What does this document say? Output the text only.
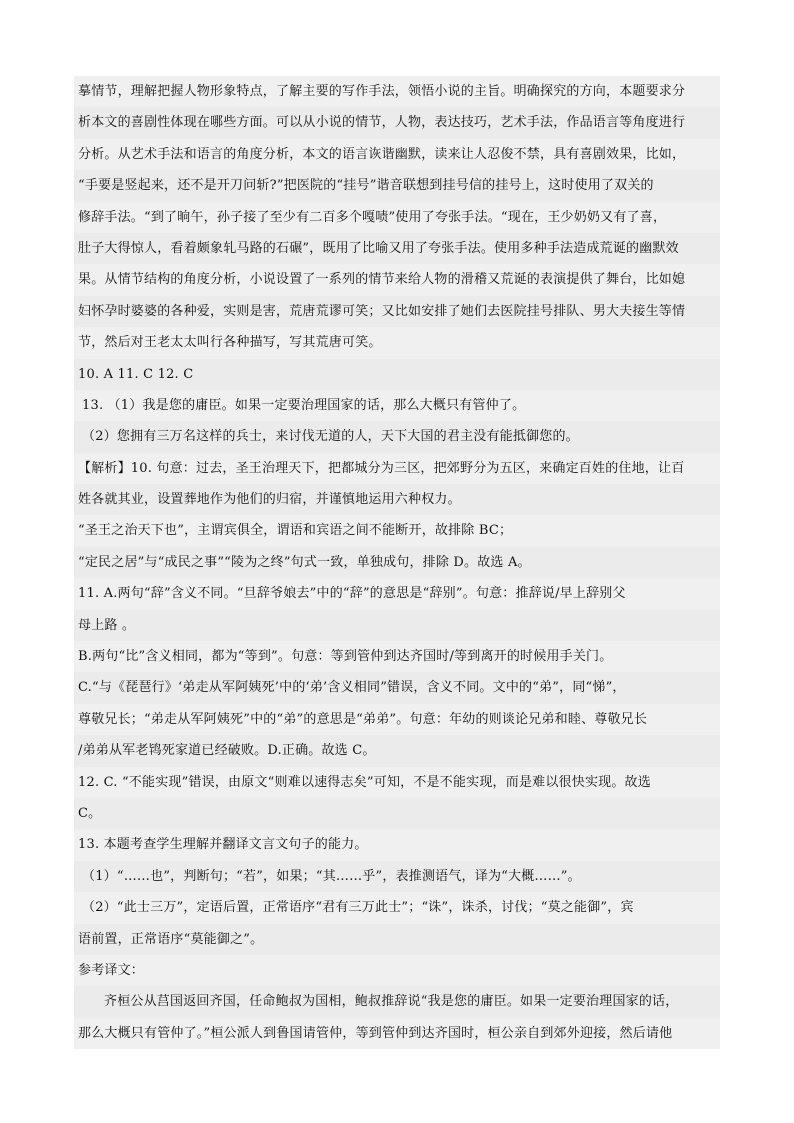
摹情节，理解把握人物形象特点，了解主要的写作手法，领悟小说的主旨。明确探究的方向，本题要求分
析本文的喜剧性体现在哪些方面。可以从小说的情节，人物，表达技巧，艺术手法，作品语言等角度进行
分析。从艺术手法和语言的角度分析，本文的语言诙谐幽默，读来让人忍俊不禁，具有喜剧效果，比如，
“手要是竖起来，还不是开刀问斩?”把医院的“挂号”谐音联想到挂号信的挂号上，这时使用了双关的
修辞手法。“到了晌午，孙子接了至少有二百多个嘎啧”使用了夸张手法。“现在，王少奶奶又有了喜，
肚子大得惊人，看着颇象轧马路的石碾”，既用了比喻又用了夸张手法。使用多种手法造成荒诞的幽默效
果。从情节结构的角度分析，小说设置了一系列的情节来给人物的滑稽又荒诞的表演提供了舞台，比如媳
妇怀孕时婆婆的各种爱，实则是害，荒唐荒谬可笑；又比如安排了她们去医院挂号排队、男大夫接生等情
节，然后对王老太太叫行各种描写，写其荒唐可笑。
10. A 11. C 12. C
13. （1）我是您的庸臣。如果一定要治理国家的话，那么大概只有管仲了。
（2）您拥有三万名这样的兵士，来讨伐无道的人，天下大国的君主没有能抵御您的。
【解析】10. 句意：过去，圣王治理天下，把都城分为三区，把郊野分为五区，来确定百姓的住地，让百
姓各就其业，设置葬地作为他们的归宿，并谨慎地运用六种权力。
“圣王之治天下也”，主谓宾俱全，谓语和宾语之间不能断开，故排除 BC；
“定民之居”与“成民之事”“陵为之终”句式一致，单独成句，排除 D。故选 A。
11. A.两句“辞”含义不同。“旦辞爷娘去”中的“辞”的意思是“辞别”。句意：推辞说/早上辞别父
母上路 。
B.两句“比”含义相同，都为“等到”。句意：等到管仲到达齐国时/等到离开的时候用手关门。
C.“与《琵琶行》‘弟走从军阿姨死’中的‘弟’含义相同”错误，含义不同。文中的“弟”，同“悌”，
尊敬兄长；“弟走从军阿姨死”中的“弟”的意思是“弟弟”。句意：年幼的则谈论兄弟和睦、尊敬兄长
/弟弟从军老鸨死家道已经破败。D.正确。故选 C。
12. C. “不能实现”错误，由原文“则难以速得志矣”可知，不是不能实现，而是难以很快实现。故选
C。
13. 本题考查学生理解并翻译文言文句子的能力。
（1）“……也”，判断句；“若”，如果；“其……乎”，表推测语气，译为“大概……”。
（2）“此士三万”，定语后置，正常语序“君有三万此士”；“诛”，诛杀，讨伐；“莫之能御”，宾
语前置，正常语序“莫能御之”。
参考译文：
齐桓公从莒国返回齐国，任命鲍叔为国相，鲍叔推辞说“我是您的庸臣。如果一定要治理国家的话，
那么大概只有管仲了。”桓公派人到鲁国请管仲，等到管仲到达齐国时，桓公亲自到郊外迎接，然后请他
